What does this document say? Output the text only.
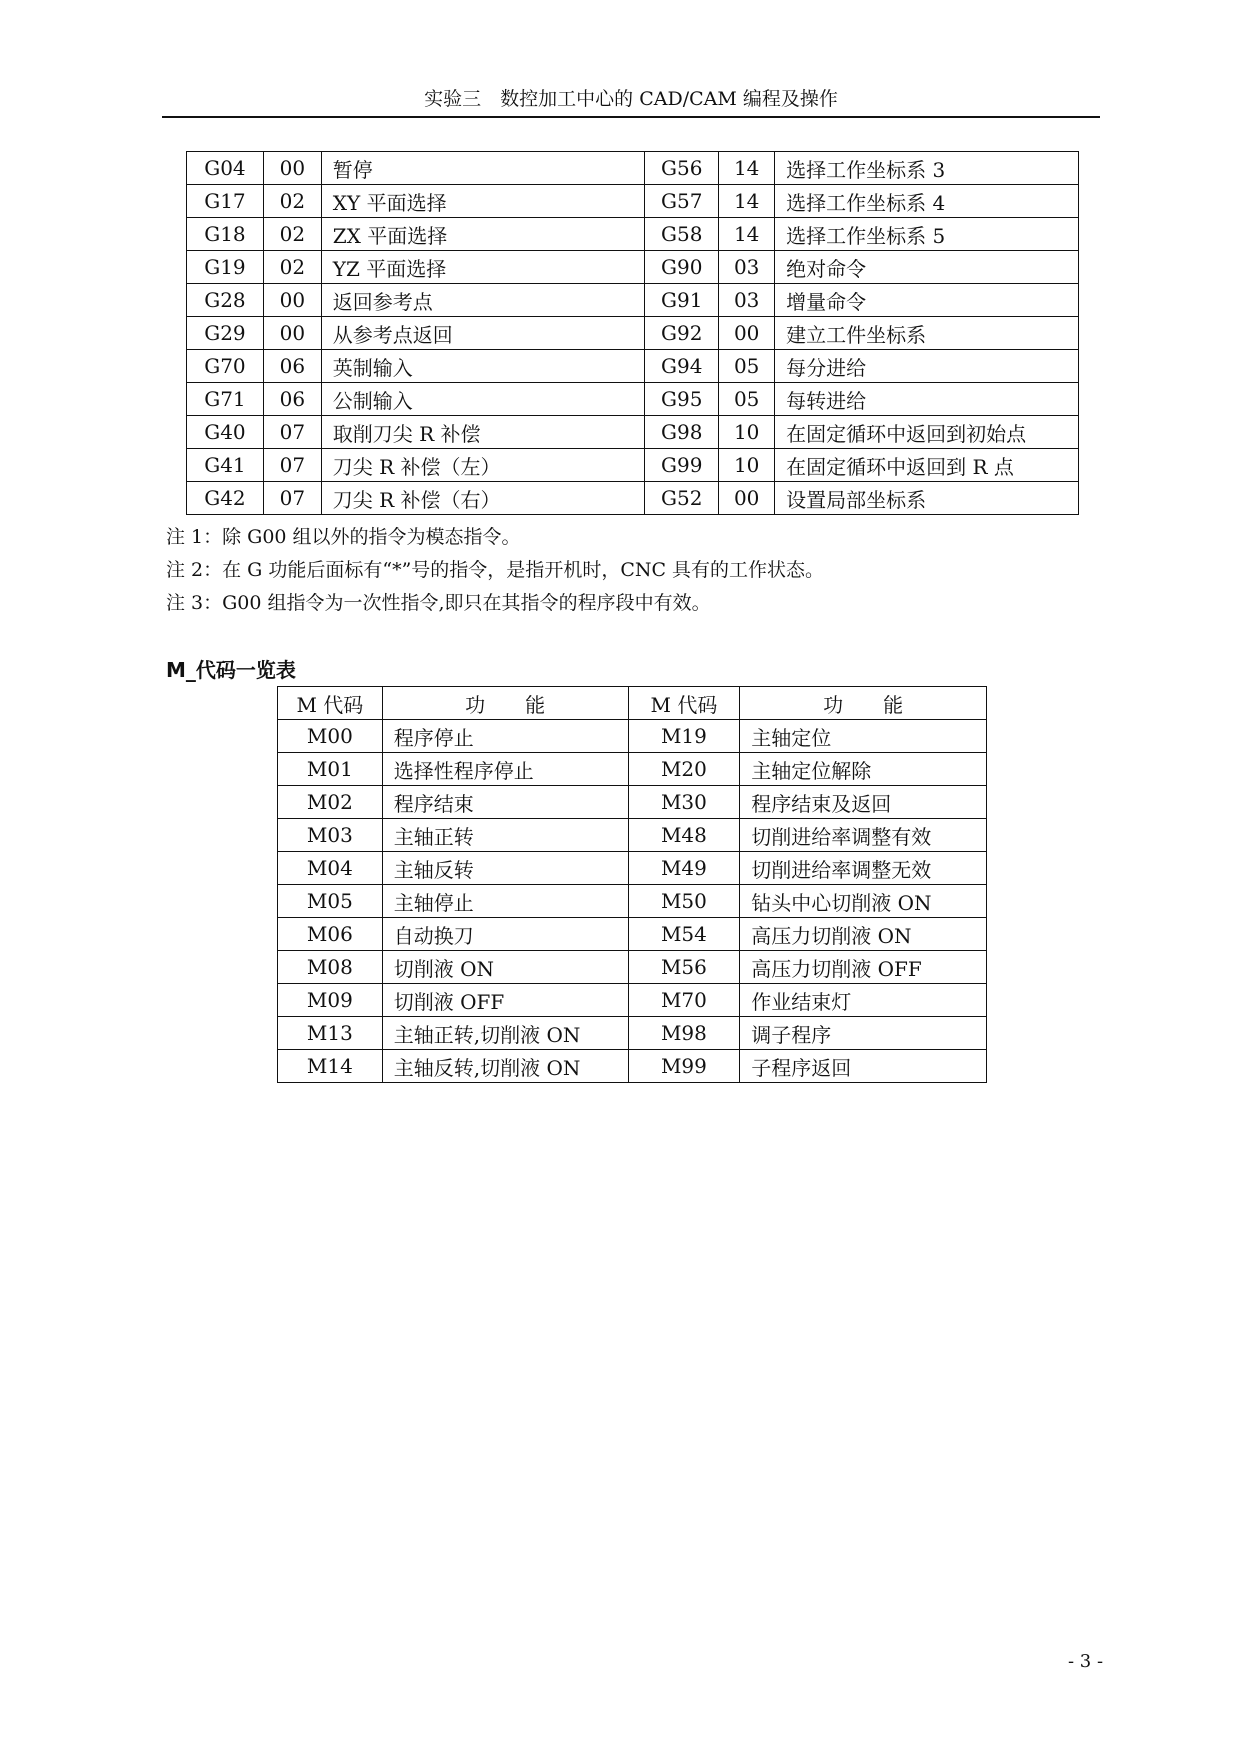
实验三　数控加工中心的 CAD/CAM 编程及操作
G04	00	暂停	G56	14	选择工作坐标系 3
G17	02	XY 平面选择	G57	14	选择工作坐标系 4
G18	02	ZX 平面选择	G58	14	选择工作坐标系 5
G19	02	YZ 平面选择	G90	03	绝对命令
G28	00	返回参考点	G91	03	增量命令
G29	00	从参考点返回	G92	00	建立工件坐标系
G70	06	英制输入	G94	05	每分进给
G71	06	公制输入	G95	05	每转进给
G40	07	取削刀尖 R 补偿	G98	10	在固定循环中返回到初始点
G41	07	刀尖 R 补偿（左）	G99	10	在固定循环中返回到 R 点
G42	07	刀尖 R 补偿（右）	G52	00	设置局部坐标系
注 1：除 G00 组以外的指令为模态指令。
注 2：在 G 功能后面标有“*”号的指令，是指开机时，CNC 具有的工作状态。
注 3：G00 组指令为一次性指令,即只在其指令的程序段中有效。
M_代码一览表
M 代码	功　　能	M 代码	功　　能
M00	程序停止	M19	主轴定位
M01	选择性程序停止	M20	主轴定位解除
M02	程序结束	M30	程序结束及返回
M03	主轴正转	M48	切削进给率调整有效
M04	主轴反转	M49	切削进给率调整无效
M05	主轴停止	M50	钻头中心切削液 ON
M06	自动换刀	M54	高压力切削液 ON
M08	切削液 ON	M56	高压力切削液 OFF
M09	切削液 OFF	M70	作业结束灯
M13	主轴正转,切削液 ON	M98	调子程序
M14	主轴反转,切削液 ON	M99	子程序返回
- 3 -
